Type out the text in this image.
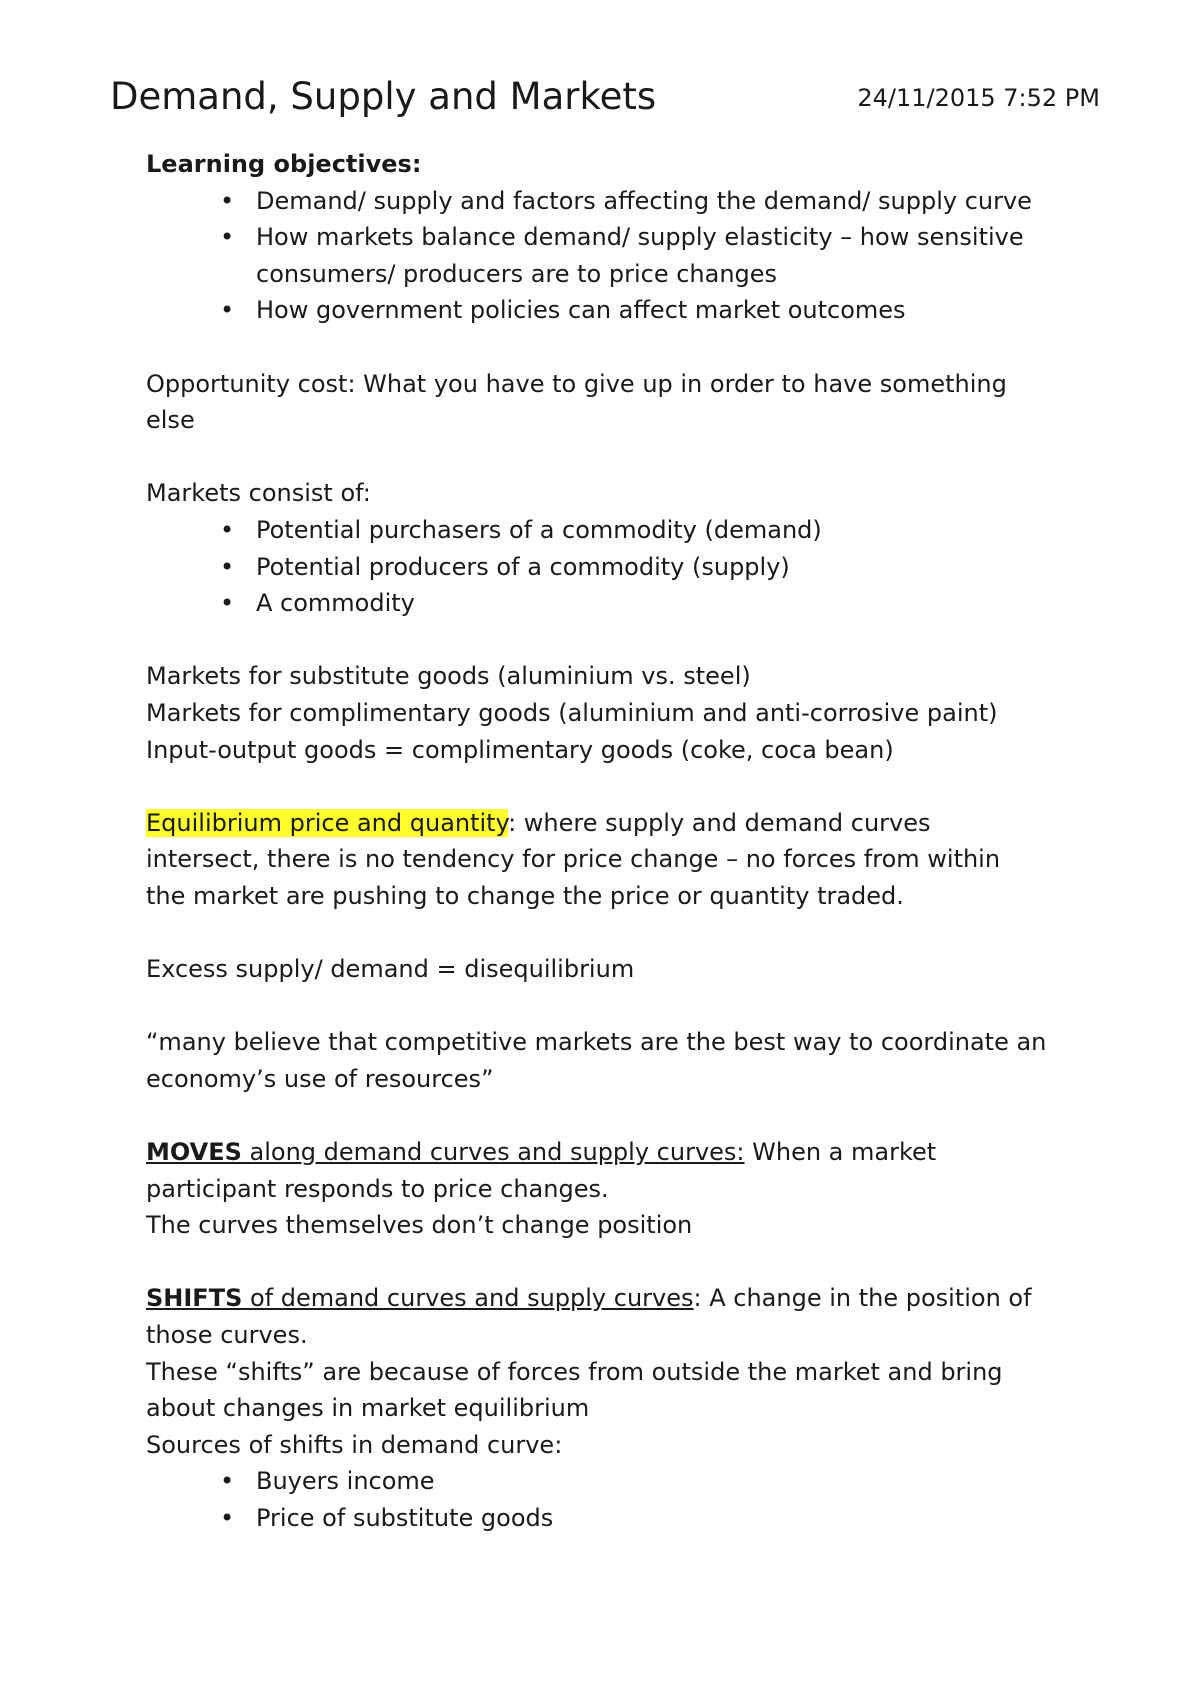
Demand, Supply and Markets	24/11/2015 7:52 PM

Learning objectives:

• Demand/ supply and factors affecting the demand/ supply curve
• How markets balance demand/ supply elasticity – how sensitive
consumers/ producers are to price changes
• How government policies can affect market outcomes

Opportunity cost: What you have to give up in order to have something

else

Markets consist of:

• Potential purchasers of a commodity (demand)
• Potential producers of a commodity (supply)
• A commodity

Markets for substitute goods (aluminium vs. steel)

Markets for complimentary goods (aluminium and anti-corrosive paint)

Input-output goods = complimentary goods (coke, coca bean)

Equilibrium price and quantity: where supply and demand curves

intersect, there is no tendency for price change – no forces from within

the market are pushing to change the price or quantity traded.

Excess supply/ demand = disequilibrium

“many believe that competitive markets are the best way to coordinate an

economy’s use of resources”

MOVES along demand curves and supply curves: When a market

participant responds to price changes.

The curves themselves don’t change position

SHIFTS of demand curves and supply curves: A change in the position of

those curves.

These “shifts” are because of forces from outside the market and bring

about changes in market equilibrium

Sources of shifts in demand curve:

• Buyers income
• Price of substitute goods
